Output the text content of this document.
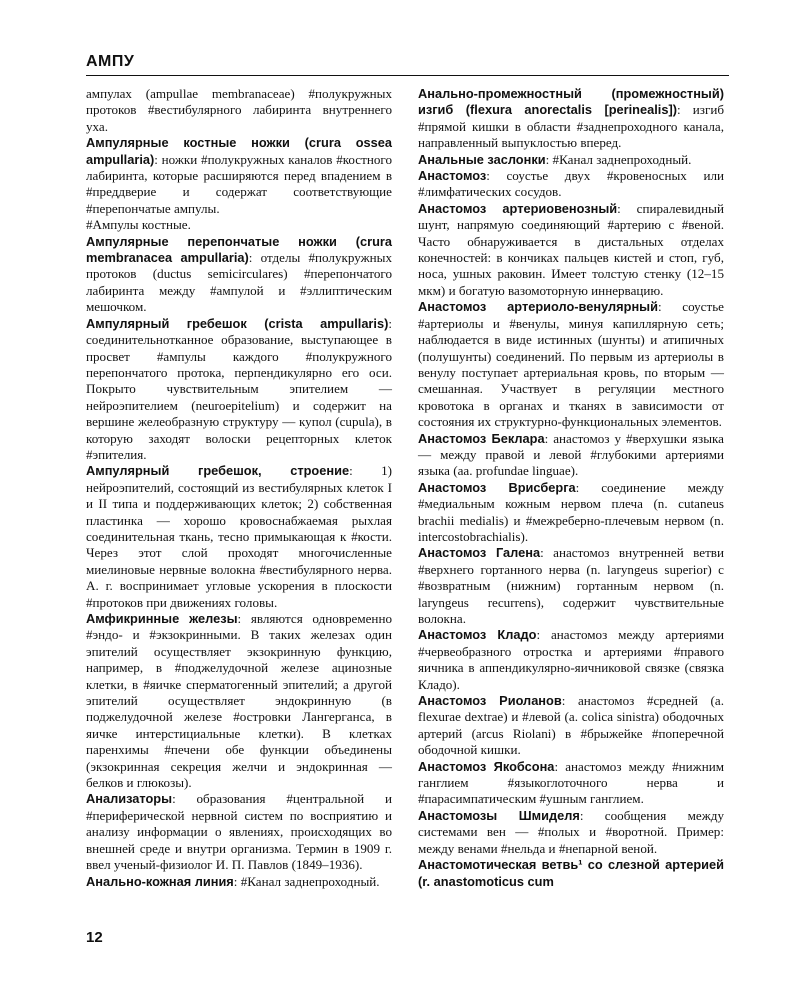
АМПУ

ампулах (ampullae membranaceae) #полукружных протоков #вестибулярного лабиринта внутреннего уха.

Ампулярные костные ножки (crura ossea ampullaria): ножки #полукружных каналов #костного лабиринта, которые расширяются перед впадением в #преддверие и содержат соответствующие #перепончатые ампулы.

#Ампулы костные.

Ампулярные перепончатые ножки (crura membranacea ampullaria): отделы #полукружных протоков (ductus semicirculares) #перепончатого лабиринта между #ампулой и #эллиптическим мешочком.

Ампулярный гребешок (crista ampullaris): соединительнотканное образование, выступающее в просвет #ампулы каждого #полукружного перепончатого протока, перпендикулярно его оси. Покрыто чувствительным эпителием — нейроэпителием (neuroepitelium) и содержит на вершине желеобразную структуру — купол (cupula), в которую заходят волоски рецепторных клеток #эпителия.

Ампулярный гребешок, строение: 1) нейроэпителий, состоящий из вестибулярных клеток I и II типа и поддерживающих клеток; 2) собственная пластинка — хорошо кровоснабжаемая рыхлая соединительная ткань, тесно примыкающая к #кости. Через этот слой проходят многочисленные миелиновые нервные волокна #вестибулярного нерва. А. г. воспринимает угловые ускорения в плоскости #протоков при движениях головы.

Амфикринные железы: являются одновременно #эндо- и #экзокринными. В таких железах один эпителий осуществляет экзокринную функцию, например, в #поджелудочной железе ацинозные клетки, в #яичке сперматогенный эпителий; а другой эпителий осуществляет эндокринную (в поджелудочной железе #островки Лангерганса, в яичке интерстициальные клетки). В клетках паренхимы #печени обе функции объединены (экзокринная секреция желчи и эндокринная — белков и глюкозы).

Анализаторы: образования #центральной и #периферической нервной систем по восприятию и анализу информации о явлениях, происходящих во внешней среде и внутри организма. Термин в 1909 г. ввел ученый-физиолог И. П. Павлов (1849–1936).

Анально-кожная линия: #Канал заднепроходный.

Анально-промежностный (промежностный) изгиб (flexura anorectalis [perinealis]): изгиб #прямой кишки в области #заднепроходного канала, направленный выпуклостью вперед.

Анальные заслонки: #Канал заднепроходный.

Анастомоз: соустье двух #кровеносных или #лимфатических сосудов.

Анастомоз артериовенозный: спиралевидный шунт, напрямую соединяющий #артерию с #веной. Часто обнаруживается в дистальных отделах конечностей: в кончиках пальцев кистей и стоп, губ, носа, ушных раковин. Имеет толстую стенку (12–15 мкм) и богатую вазомоторную иннервацию.

Анастомоз артериоло-венулярный: соустье #артериолы и #венулы, минуя капиллярную сеть; наблюдается в виде истинных (шунты) и атипичных (полушунты) соединений. По первым из артериолы в венулу поступает артериальная кровь, по вторым — смешанная. Участвует в регуляции местного кровотока в органах и тканях в зависимости от состояния их структурно-функциональных элементов.

Анастомоз Беклара: анастомоз у #верхушки языка — между правой и левой #глубокими артериями языка (aa. profundae linguae).

Анастомоз Врисберга: соединение между #медиальным кожным нервом плеча (n. cutaneus brachii medialis) и #межреберно-плечевым нервом (n. intercostobrachialis).

Анастомоз Галена: анастомоз внутренней ветви #верхнего гортанного нерва (n. laryngeus superior) с #возвратным (нижним) гортанным нервом (n. laryngeus recurrens), содержит чувствительные волокна.

Анастомоз Кладо: анастомоз между артериями #червеобразного отростка и артериями #правого яичника в аппендикулярно-яичниковой связке (связка Кладо).

Анастомоз Риоланов: анастомоз #средней (a. flexurae dextrae) и #левой (a. colica sinistra) ободочных артерий (arcus Riolani) в #брыжейке #поперечной ободочной кишки.

Анастомоз Якобсона: анастомоз между #нижним ганглием #языкоглоточного нерва и #парасимпатическим #ушным ганглием.

Анастомозы Шмиделя: сообщения между системами вен — #полых и #воротной. Пример: между венами #нельда и #непарной веной.

Анастомотическая ветвь¹ со слезной артерией (r. anastomoticus cum

12
